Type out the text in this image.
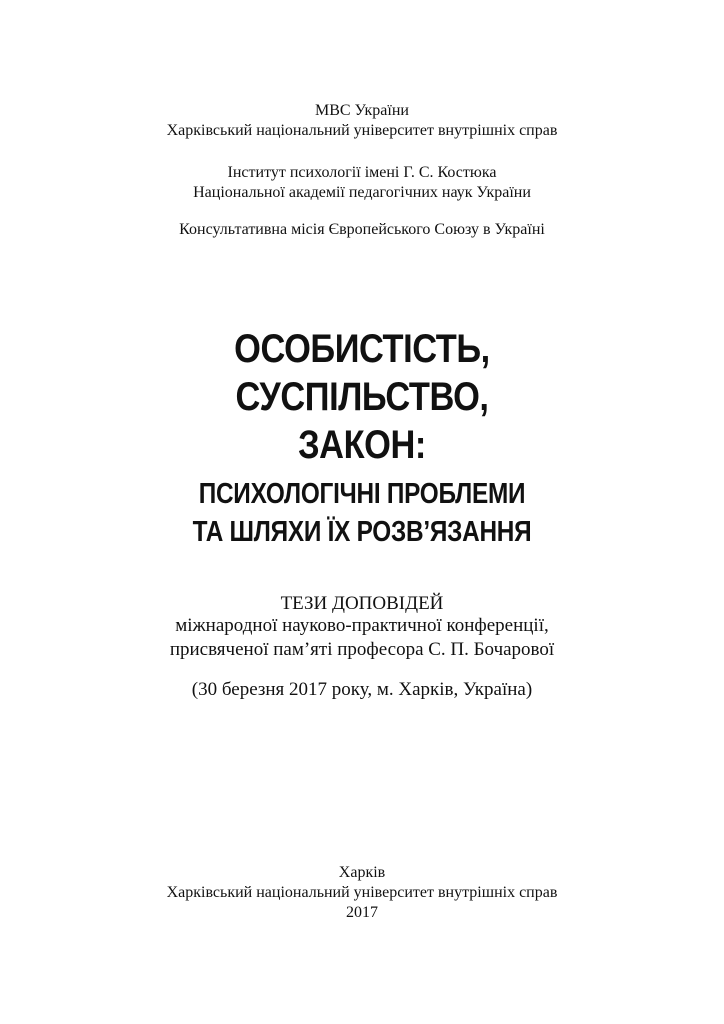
МВС України
Харківський національний університет внутрішніх справ
Інститут психології імені Г. С. Костюка
Національної академії педагогічних наук України
Консультативна місія Європейського Союзу в Україні
ОСОБИСТІСТЬ,
СУСПІЛЬСТВО,
ЗАКОН:
ПСИХОЛОГІЧНІ ПРОБЛЕМИ
ТА ШЛЯХИ ЇХ РОЗВ’ЯЗАННЯ
ТЕЗИ ДОПОВІДЕЙ
міжнародної науково-практичної конференції,
присвяченої пам’яті професора С. П. Бочарової
(30 березня 2017 року, м. Харків, Україна)
Харків
Харківський національний університет внутрішніх справ
2017
